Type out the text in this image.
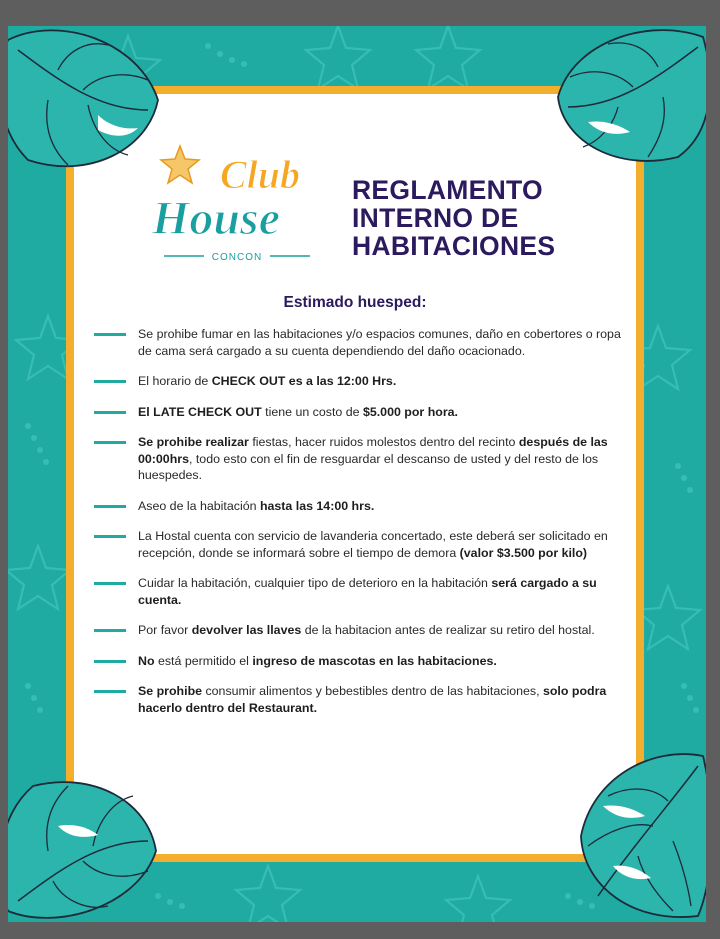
Club
House
CONCON
REGLAMENTO
INTERNO DE
HABITACIONES
Estimado huesped:
Se prohibe fumar en las habitaciones y/o espacios comunes, daño en cobertores o ropa de cama será cargado a su cuenta dependiendo del daño ocacionado.
El horario de CHECK OUT es a las 12:00 Hrs.
El LATE CHECK OUT tiene un costo de $5.000 por hora.
Se prohibe realizar fiestas, hacer ruidos molestos dentro del recinto después de las 00:00hrs, todo esto con el fin de resguardar el descanso de usted y del resto de los huespedes.
Aseo de la habitación hasta las 14:00 hrs.
La Hostal cuenta con servicio de lavanderia concertado, este deberá ser solicitado en recepción, donde se informará sobre el tiempo de demora (valor $3.500 por kilo)
Cuidar la habitación, cualquier tipo de deterioro en la habitación será cargado a su cuenta.
Por favor devolver las llaves de la habitacion antes de realizar su retiro del hostal.
No está permitido el ingreso de mascotas en las habitaciones.
Se prohibe consumir alimentos y bebestibles dentro de las habitaciones, solo podra hacerlo dentro del Restaurant.
